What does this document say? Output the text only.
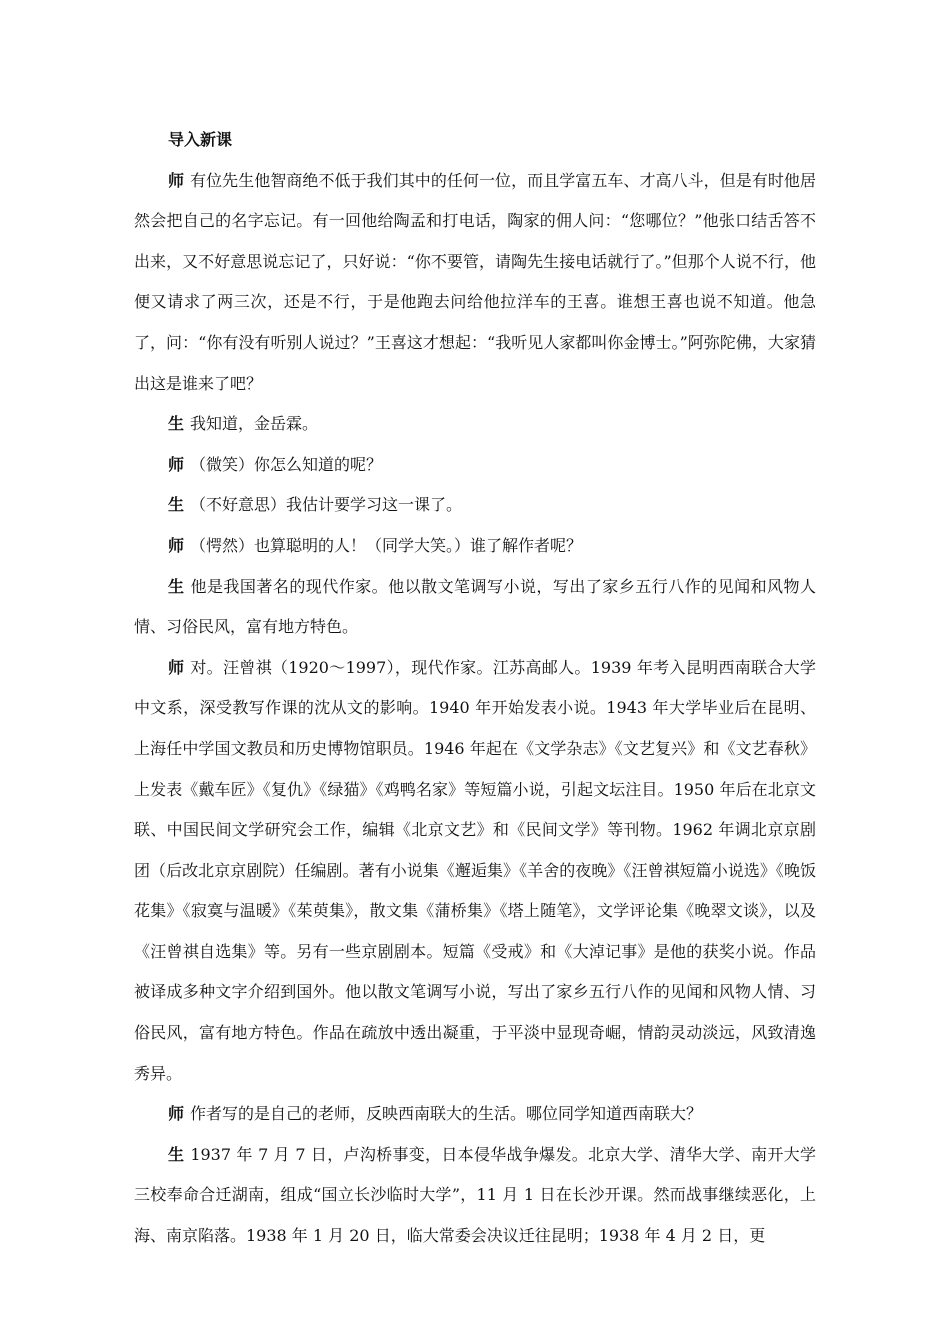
导入新课

师 有位先生他智商绝不低于我们其中的任何一位，而且学富五车、才高八斗，但是有时他居然会把自己的名字忘记。有一回他给陶孟和打电话，陶家的佣人问：“您哪位？”他张口结舌答不出来，又不好意思说忘记了，只好说：“你不要管，请陶先生接电话就行了。”但那个人说不行，他便又请求了两三次，还是不行，于是他跑去问给他拉洋车的王喜。谁想王喜也说不知道。他急了，问：“你有没有听别人说过？”王喜这才想起：“我听见人家都叫你金博士。”阿弥陀佛，大家猜出这是谁来了吧？

生 我知道，金岳霖。

师 （微笑）你怎么知道的呢？

生 （不好意思）我估计要学习这一课了。

师 （愕然）也算聪明的人！（同学大笑。）谁了解作者呢？

生 他是我国著名的现代作家。他以散文笔调写小说，写出了家乡五行八作的见闻和风物人情、习俗民风，富有地方特色。

师 对。汪曾祺（1920～1997），现代作家。江苏高邮人。1939 年考入昆明西南联合大学中文系，深受教写作课的沈从文的影响。1940 年开始发表小说。1943 年大学毕业后在昆明、上海任中学国文教员和历史博物馆职员。1946 年起在《文学杂志》《文艺复兴》和《文艺春秋》上发表《戴车匠》《复仇》《绿猫》《鸡鸭名家》等短篇小说，引起文坛注目。1950 年后在北京文联、中国民间文学研究会工作，编辑《北京文艺》和《民间文学》等刊物。1962 年调北京京剧团（后改北京京剧院）任编剧。著有小说集《邂逅集》《羊舍的夜晚》《汪曾祺短篇小说选》《晚饭花集》《寂寞与温暖》《茱萸集》，散文集《蒲桥集》《塔上随笔》，文学评论集《晚翠文谈》，以及《汪曾祺自选集》等。另有一些京剧剧本。短篇《受戒》和《大淖记事》是他的获奖小说。作品被译成多种文字介绍到国外。他以散文笔调写小说，写出了家乡五行八作的见闻和风物人情、习俗民风，富有地方特色。作品在疏放中透出凝重，于平淡中显现奇崛，情韵灵动淡远，风致清逸秀异。

师 作者写的是自己的老师，反映西南联大的生活。哪位同学知道西南联大？

生 1937 年 7 月 7 日，卢沟桥事变，日本侵华战争爆发。北京大学、清华大学、南开大学三校奉命合迁湖南，组成“国立长沙临时大学”，11 月 1 日在长沙开课。然而战事继续恶化，上海、南京陷落。1938 年 1 月 20 日，临大常委会决议迁往昆明；1938 年 4 月 2 日，更
